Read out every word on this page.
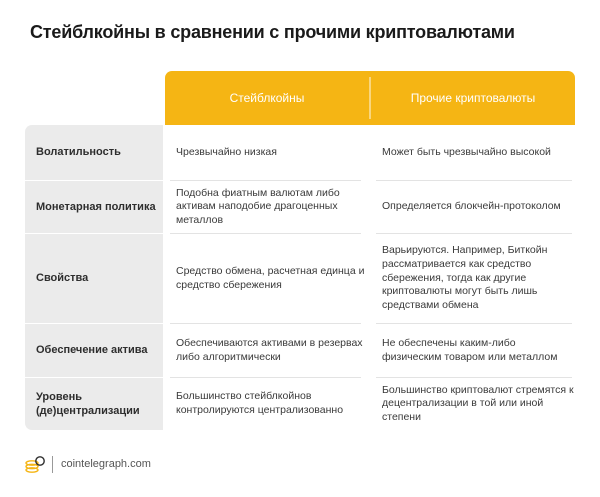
Стейблкойны в сравнении с прочими криптовалютами
Стейблкойны	Прочие криптовалюты
Волатильность
Монетарная политика
Свойства
Обеспечение актива
Уровень (де)централизации
Чрезвычайно низкая	Может быть чрезвычайно высокой
Подобна фиатным валютам либо активам наподобие драгоценных металлов
Определяется блокчейн-протоколом
Средство обмена, расчетная единца и средство сбережения
Варьируются. Например, Биткойн рассматривается как средство сбережения, тогда как другие криптовалюты могут быть лишь средствами обмена
Обеспечиваются активами в резервах либо алгоритмически
Не обеспечены каким-либо физическим товаром или металлом
Большинство стейблкойнов контролируются централизованно
Большинство криптовалют стремятся к децентрализации в той или иной степени
cointelegraph.com
